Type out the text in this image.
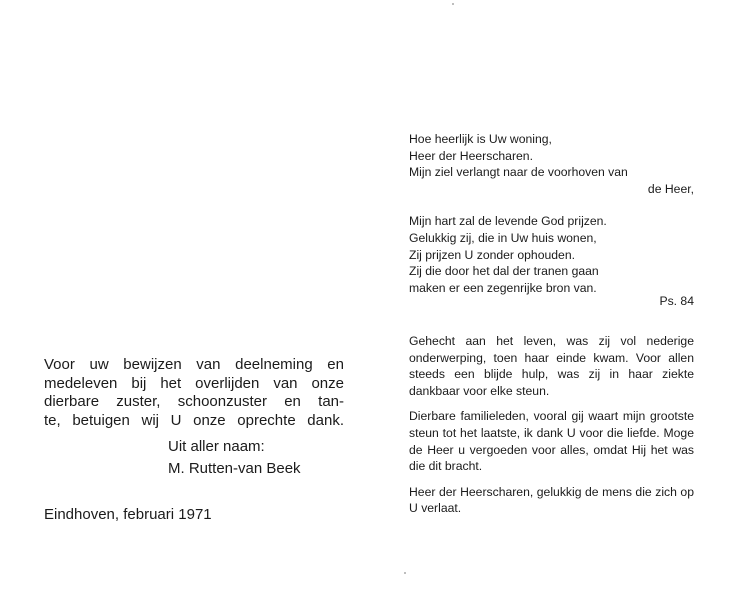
Voor uw bewijzen van deelneming en
medeleven bij het overlijden van onze
dierbare zuster, schoonzuster en tan-
te, betuigen wij U onze oprechte dank.
Uit aller naam:
M. Rutten-van Beek
Eindhoven, februari 1971
Hoe heerlijk is Uw woning,
Heer der Heerscharen.
Mijn ziel verlangt naar de voorhoven van
de Heer,
Mijn hart zal de levende God prijzen.
Gelukkig zij, die in Uw huis wonen,
Zij prijzen U zonder ophouden.
Zij die door het dal der tranen gaan
maken er een zegenrijke bron van.
Ps. 84

Gehecht aan het leven, was zij vol nederige onderwerping, toen haar einde kwam. Voor allen steeds een blijde hulp, was zij in haar ziekte dankbaar voor elke steun.

Dierbare familieleden, vooral gij waart mijn grootste steun tot het laatste, ik dank U voor die liefde. Moge de Heer u vergoeden voor alles, omdat Hij het was die dit bracht.

Heer der Heerscharen, gelukkig de mens die zich op U verlaat.
